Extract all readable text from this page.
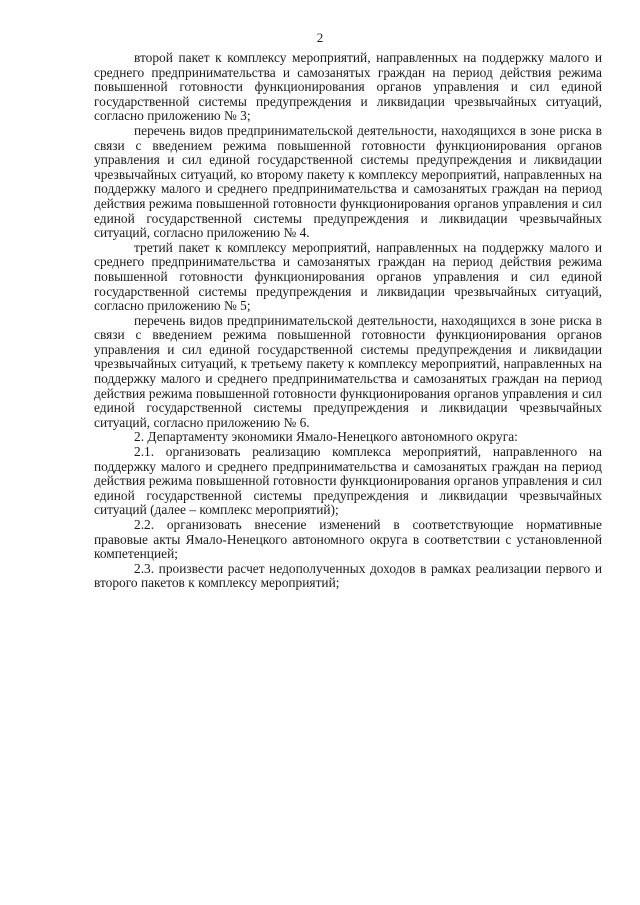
2

второй пакет к комплексу мероприятий, направленных на поддержку малого и среднего предпринимательства и самозанятых граждан на период действия режима повышенной готовности функционирования органов управления и сил единой государственной системы предупреждения и ликвидации чрезвычайных ситуаций, согласно приложению № 3;

перечень видов предпринимательской деятельности, находящихся в зоне риска в связи с введением режима повышенной готовности функционирования органов управления и сил единой государственной системы предупреждения и ликвидации чрезвычайных ситуаций, ко второму пакету к комплексу мероприятий, направленных на поддержку малого и среднего предпринимательства и самозанятых граждан на период действия режима повышенной готовности функционирования органов управления и сил единой государственной системы предупреждения и ликвидации чрезвычайных ситуаций, согласно приложению № 4.

третий пакет к комплексу мероприятий, направленных на поддержку малого и среднего предпринимательства и самозанятых граждан на период действия режима повышенной готовности функционирования органов управления и сил единой государственной системы предупреждения и ликвидации чрезвычайных ситуаций, согласно приложению № 5;

перечень видов предпринимательской деятельности, находящихся в зоне риска в связи с введением режима повышенной готовности функционирования органов управления и сил единой государственной системы предупреждения и ликвидации чрезвычайных ситуаций, к третьему пакету к комплексу мероприятий, направленных на поддержку малого и среднего предпринимательства и самозанятых граждан на период действия режима повышенной готовности функционирования органов управления и сил единой государственной системы предупреждения и ликвидации чрезвычайных ситуаций, согласно приложению № 6.

2. Департаменту экономики Ямало-Ненецкого автономного округа:

2.1. организовать реализацию комплекса мероприятий, направленного на поддержку малого и среднего предпринимательства и самозанятых граждан на период действия режима повышенной готовности функционирования органов управления и сил единой государственной системы предупреждения и ликвидации чрезвычайных ситуаций (далее – комплекс мероприятий);

2.2. организовать внесение изменений в соответствующие нормативные правовые акты Ямало-Ненецкого автономного округа в соответствии с установленной компетенцией;

2.3. произвести расчет недополученных доходов в рамках реализации первого и второго пакетов к комплексу мероприятий;
